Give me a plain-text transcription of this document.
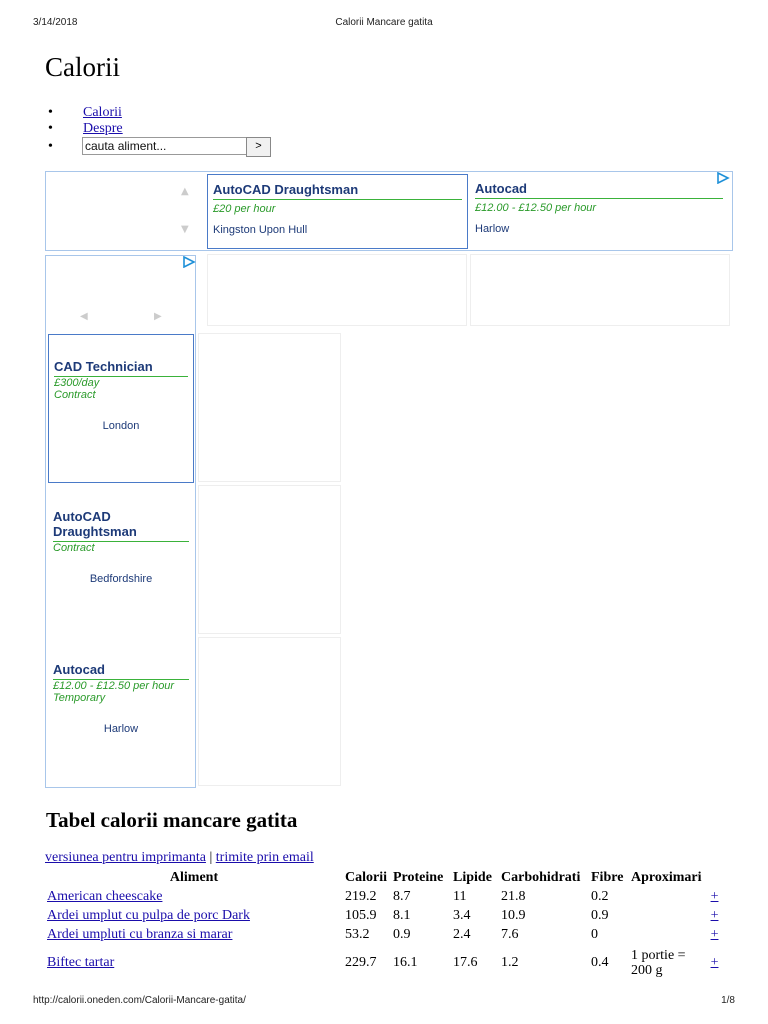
3/14/2018	Calorii Mancare gatita
Calorii
• Calorii
• Despre
cauta aliment...
• >
▲
▼
AutoCAD Draughtsman
£20 per hour
Kingston Upon Hull
Autocad
£12.00 - £12.50 per hour
Harlow
◀	▶
CAD Technician
£300/day
Contract
London
AutoCAD Draughtsman
Contract
Bedfordshire
Autocad
£12.00 - £12.50 per hour
Temporary
Harlow
Tabel calorii mancare gatita
versiunea pentru imprimanta | trimite prin email
Aliment	Calorii	Proteine	Lipide	Carbohidrati	Fibre	Aproximari	
American cheescake	219.2	8.7	11	21.8	0.2		+
Ardei umplut cu pulpa de porc Dark	105.9	8.1	3.4	10.9	0.9		+
Ardei umpluti cu branza si marar	53.2	0.9	2.4	7.6	0		+
Biftec tartar	229.7	16.1	17.6	1.2	0.4	1 portie = 200 g	+
http://calorii.oneden.com/Calorii-Mancare-gatita/	1/8
